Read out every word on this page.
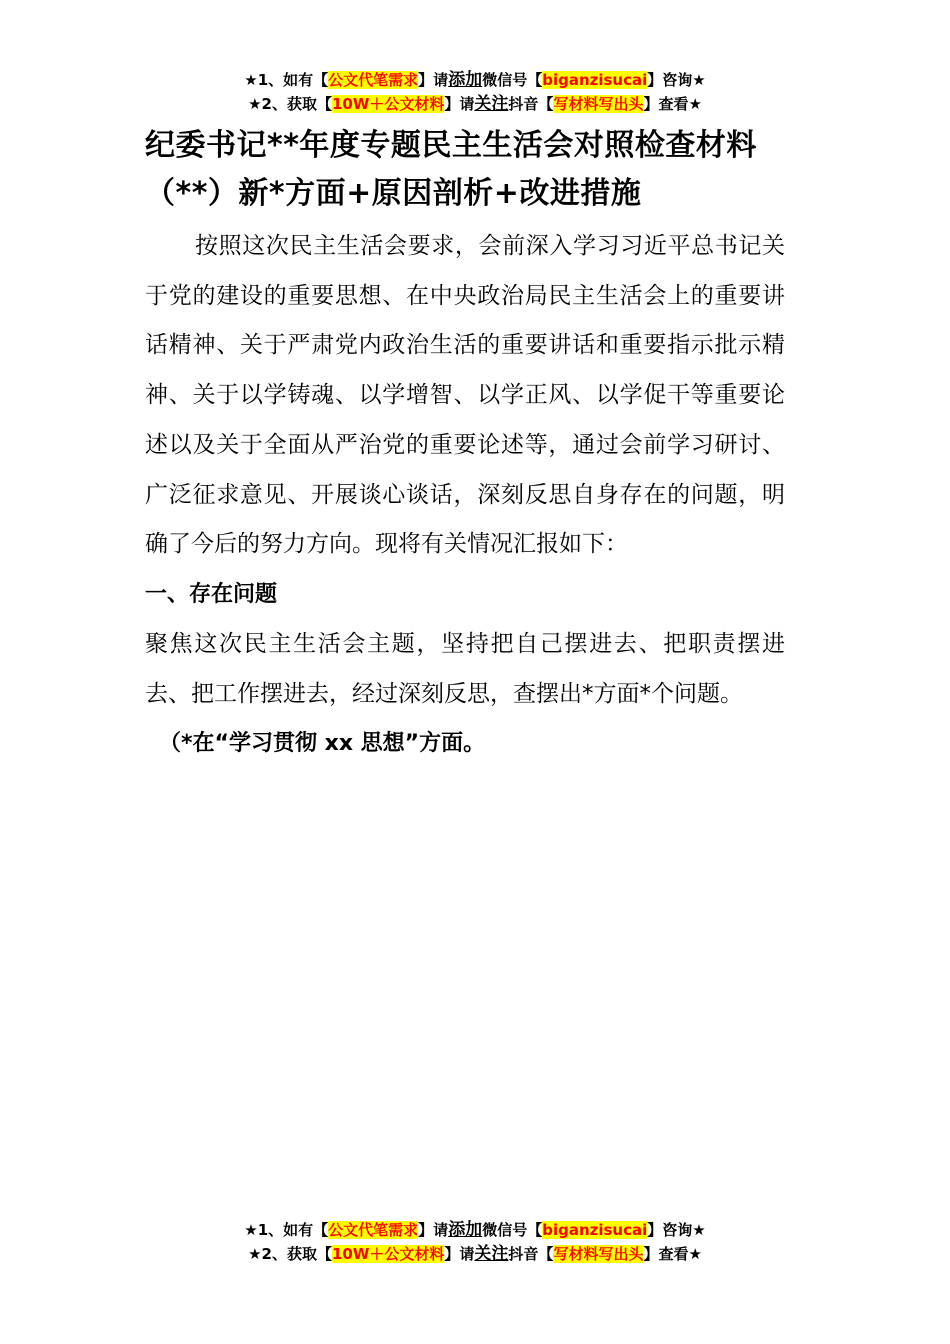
★1、如有【公文代笔需求】请添加微信号【biganzisucai】咨询★
★2、获取【10W＋公文材料】请关注抖音【写材料写出头】查看★
纪委书记**年度专题民主生活会对照检查材料（**）新*方面+原因剖析+改进措施

按照这次民主生活会要求，会前深入学习习近平总书记关于党的建设的重要思想、在中央政治局民主生活会上的重要讲话精神、关于严肃党内政治生活的重要讲话和重要指示批示精神、关于以学铸魂、以学增智、以学正风、以学促干等重要论述以及关于全面从严治党的重要论述等，通过会前学习研讨、广泛征求意见、开展谈心谈话，深刻反思自身存在的问题，明确了今后的努力方向。现将有关情况汇报如下：

一、存在问题

聚焦这次民主生活会主题，坚持把自己摆进去、把职责摆进去、把工作摆进去，经过深刻反思，查摆出*方面*个问题。

（*在“学习贯彻 xx 思想”方面。
★1、如有【公文代笔需求】请添加微信号【biganzisucai】咨询★
★2、获取【10W＋公文材料】请关注抖音【写材料写出头】查看★
